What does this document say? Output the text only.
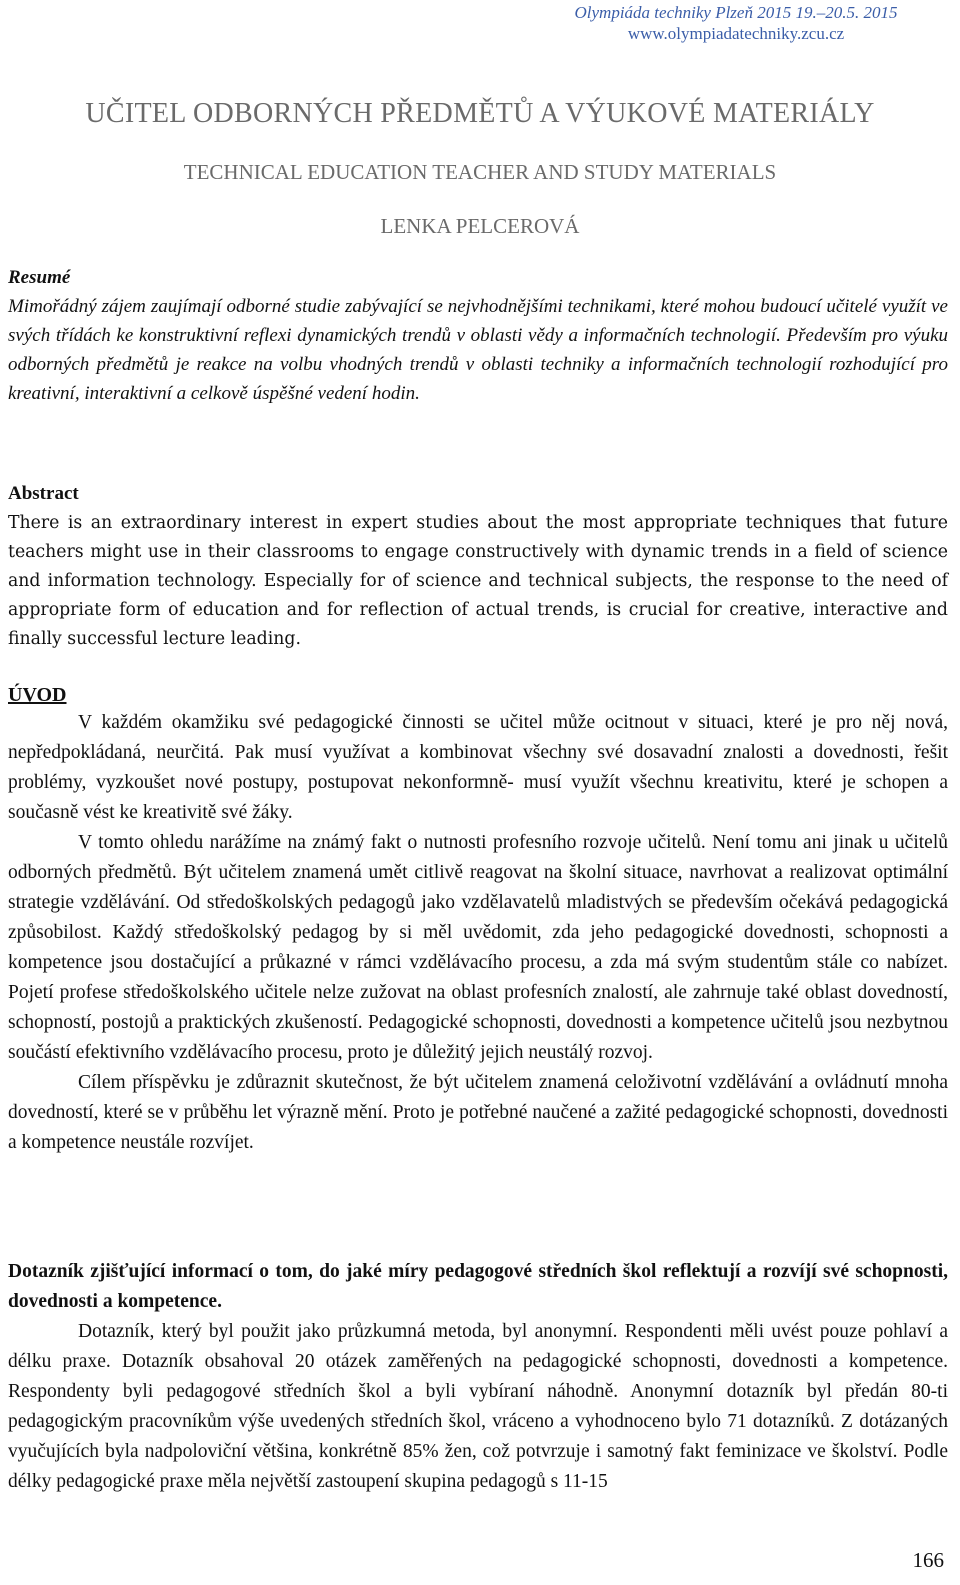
Olympiáda techniky Plzeň 2015 19.–20.5. 2015
www.olympiadatechniky.zcu.cz
UČITEL ODBORNÝCH PŘEDMĚTŮ A VÝUKOVÉ MATERIÁLY
TECHNICAL EDUCATION TEACHER AND STUDY MATERIALS
LENKA PELCEROVÁ
Resumé
Mimořádný zájem zaujímají odborné studie zabývající se nejvhodnějšími technikami, které mohou budoucí učitelé využít ve svých třídách ke konstruktivní reflexi dynamických trendů v oblasti vědy a informačních technologií. Především pro výuku odborných předmětů je reakce na volbu vhodných trendů v oblasti techniky a informačních technologií rozhodující pro kreativní, interaktivní a celkově úspěšné vedení hodin.
Abstract
There is an extraordinary interest in expert studies about the most appropriate techniques that future teachers might use in their classrooms to engage constructively with dynamic trends in a field of science and information technology. Especially for of science and technical subjects, the response to the need of appropriate form of education and for reflection of actual trends, is crucial for creative, interactive and finally successful lecture leading.
ÚVOD

V každém okamžiku své pedagogické činnosti se učitel může ocitnout v situaci, které je pro něj nová, nepředpokládaná, neurčitá. Pak musí využívat a kombinovat všechny své dosavadní znalosti a dovednosti, řešit problémy, vyzkoušet nové postupy, postupovat nekonformně- musí využít všechnu kreativitu, které je schopen a současně vést ke kreativitě své žáky.

V tomto ohledu narážíme na známý fakt o nutnosti profesního rozvoje učitelů. Není tomu ani jinak u učitelů odborných předmětů. Být učitelem znamená umět citlivě reagovat na školní situace, navrhovat a realizovat optimální strategie vzdělávání. Od středoškolských pedagogů jako vzdělavatelů mladistvých se především očekává pedagogická způsobilost. Každý středoškolský pedagog by si měl uvědomit, zda jeho pedagogické dovednosti, schopnosti a kompetence jsou dostačující a průkazné v rámci vzdělávacího procesu, a zda má svým studentům stále co nabízet. Pojetí profese středoškolského učitele nelze zužovat na oblast profesních znalostí, ale zahrnuje také oblast dovedností, schopností, postojů a praktických zkušeností. Pedagogické schopnosti, dovednosti a kompetence učitelů jsou nezbytnou součástí efektivního vzdělávacího procesu, proto je důležitý jejich neustálý rozvoj.

Cílem příspěvku je zdůraznit skutečnost, že být učitelem znamená celoživotní vzdělávání a ovládnutí mnoha dovedností, které se v průběhu let výrazně mění. Proto je potřebné naučené a zažité pedagogické schopnosti, dovednosti a kompetence neustále rozvíjet.

Dotazník zjišťující informací o tom, do jaké míry pedagogové středních škol reflektují a rozvíjí své schopnosti, dovednosti a kompetence.

Dotazník, který byl použit jako průzkumná metoda, byl anonymní. Respondenti měli uvést pouze pohlaví a délku praxe. Dotazník obsahoval 20 otázek zaměřených na pedagogické schopnosti, dovednosti a kompetence. Respondenty byli pedagogové středních škol a byli vybíraní náhodně. Anonymní dotazník byl předán 80-ti pedagogickým pracovníkům výše uvedených středních škol, vráceno a vyhodnoceno bylo 71 dotazníků. Z dotázaných vyučujících byla nadpoloviční většina, konkrétně 85% žen, což potvrzuje i samotný fakt feminizace ve školství. Podle délky pedagogické praxe měla největší zastoupení skupina pedagogů s 11-15

166
